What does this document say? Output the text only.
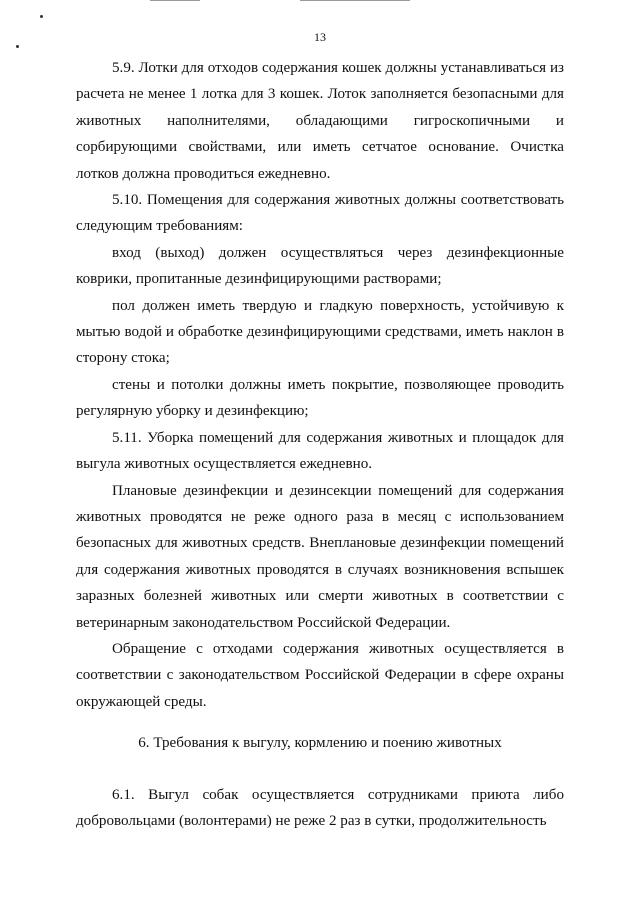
13

5.9. Лотки для отходов содержания кошек должны устанавливаться из расчета не менее 1 лотка для 3 кошек. Лоток заполняется безопасными для животных наполнителями, обладающими гигроскопичными и сорбирующими свойствами, или иметь сетчатое основание. Очистка лотков должна проводиться ежедневно.

5.10. Помещения для содержания животных должны соответствовать следующим требованиям:

вход (выход) должен осуществляться через дезинфекционные коврики, пропитанные дезинфицирующими растворами;

пол должен иметь твердую и гладкую поверхность, устойчивую к мытью водой и обработке дезинфицирующими средствами, иметь наклон в сторону стока;

стены и потолки должны иметь покрытие, позволяющее проводить регулярную уборку и дезинфекцию;

5.11. Уборка помещений для содержания животных и площадок для выгула животных осуществляется ежедневно.

Плановые дезинфекции и дезинсекции помещений для содержания животных проводятся не реже одного раза в месяц с использованием безопасных для животных средств. Внеплановые дезинфекции помещений для содержания животных проводятся в случаях возникновения вспышек заразных болезней животных или смерти животных в соответствии с ветеринарным законодательством Российской Федерации.

Обращение с отходами содержания животных осуществляется в соответствии с законодательством Российской Федерации в сфере охраны окружающей среды.

6. Требования к выгулу, кормлению и поению животных

6.1. Выгул собак осуществляется сотрудниками приюта либо добровольцами (волонтерами) не реже 2 раз в сутки, продолжительность
